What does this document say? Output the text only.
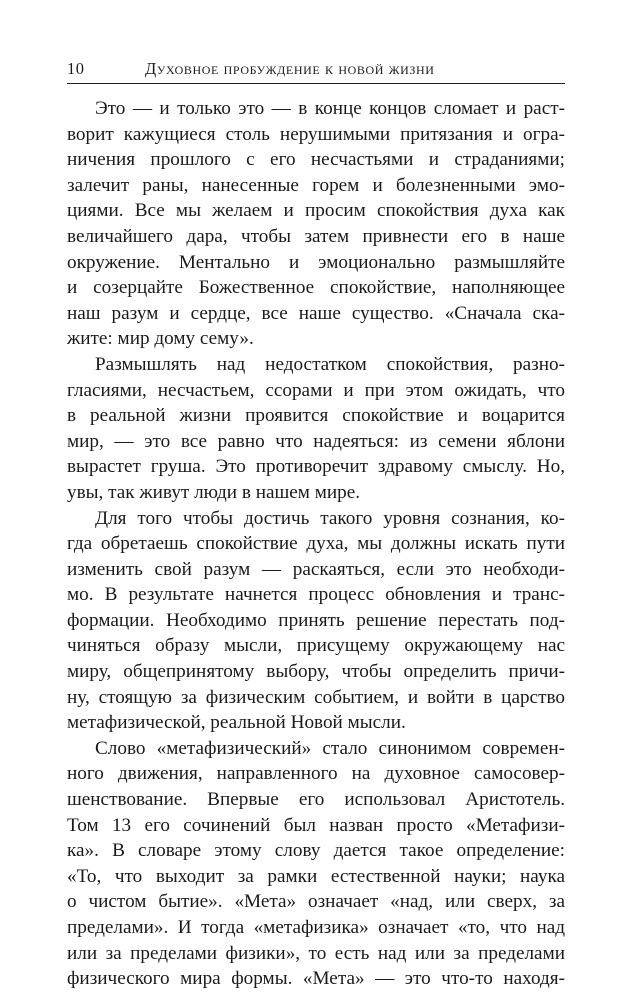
10	Духовное пробуждение к новой жизни
Это — и только это — в конце концов сломает и раст-
ворит кажущиеся столь нерушимыми притязания и огра-
ничения прошлого с его несчастьями и страданиями;
залечит раны, нанесенные горем и болезненными эмо-
циями. Все мы желаем и просим спокойствия духа как
величайшего дара, чтобы затем привнести его в наше
окружение. Ментально и эмоционально размышляйте
и созерцайте Божественное спокойствие, наполняющее
наш разум и сердце, все наше существо. «Сначала ска-
жите: мир дому сему».
Размышлять над недостатком спокойствия, разно-
гласиями, несчастьем, ссорами и при этом ожидать, что
в реальной жизни проявится спокойствие и воцарится
мир, — это все равно что надеяться: из семени яблони
вырастет груша. Это противоречит здравому смыслу. Но,
увы, так живут люди в нашем мире.
Для того чтобы достичь такого уровня сознания, ко-
гда обретаешь спокойствие духа, мы должны искать пути
изменить свой разум — раскаяться, если это необходи-
мо. В результате начнется процесс обновления и транс-
формации. Необходимо принять решение перестать под-
чиняться образу мысли, присущему окружающему нас
миру, общепринятому выбору, чтобы определить причи-
ну, стоящую за физическим событием, и войти в царство
метафизической, реальной Новой мысли.
Слово «метафизический» стало синонимом современ-
ного движения, направленного на духовное самосовер-
шенствование. Впервые его использовал Аристотель.
Том 13 его сочинений был назван просто «Метафизи-
ка». В словаре этому слову дается такое определение:
«То, что выходит за рамки естественной науки; наука
о чистом бытие». «Мета» означает «над, или сверх, за
пределами». И тогда «метафизика» означает «то, что над
или за пределами физики», то есть над или за пределами
физического мира формы. «Мета» — это что-то находя-
